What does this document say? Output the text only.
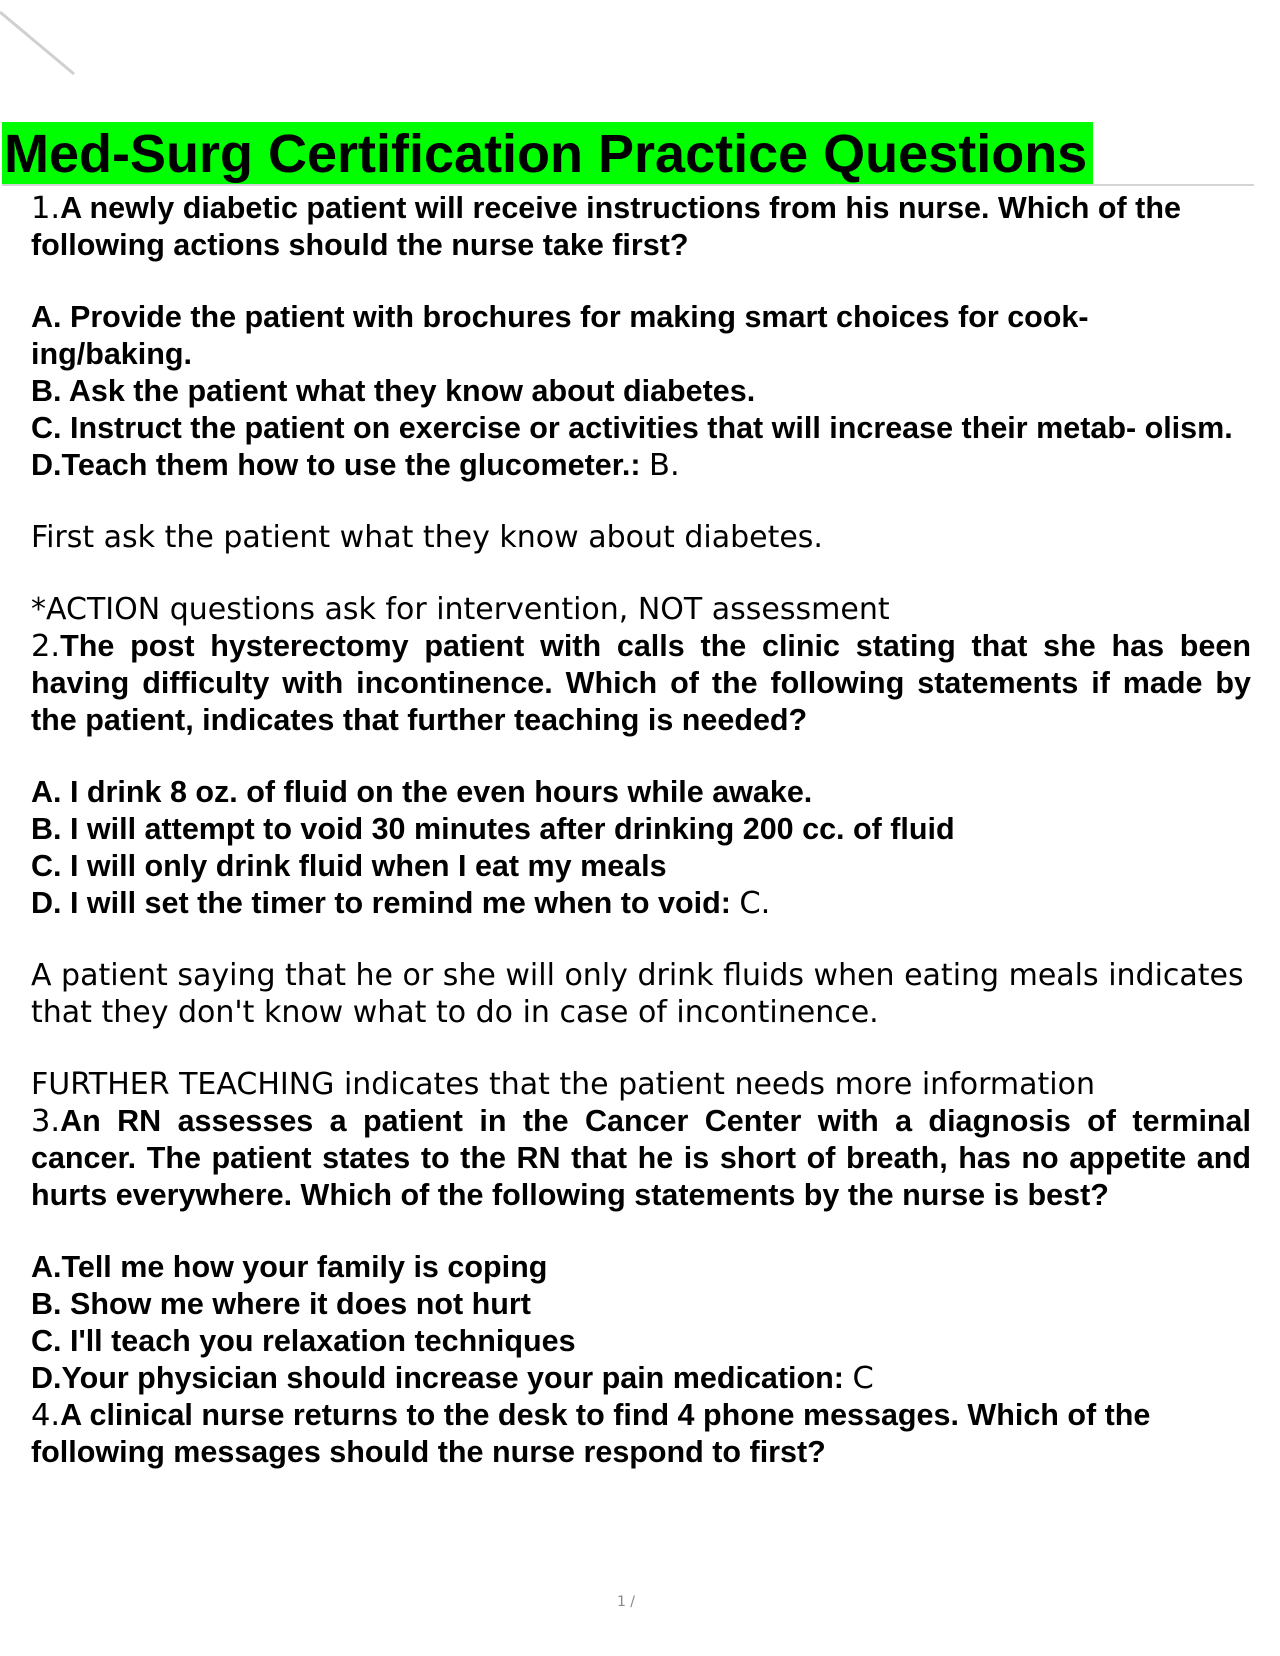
Med-Surg Certification Practice Questions

1.A newly diabetic patient will receive instructions from his nurse. Which of the following actions should the nurse take first?

A. Provide the patient with brochures for making smart choices for cook- ing/baking.

B. Ask the patient what they know about diabetes.

C. Instruct the patient on exercise or activities that will increase their metab- olism.

D.Teach them how to use the glucometer.: B.

First ask the patient what they know about diabetes.

*ACTION questions ask for intervention, NOT assessment

2.The post hysterectomy patient with calls the clinic stating that she has been having difficulty with incontinence. Which of the following statements if made by the patient, indicates that further teaching is needed?

A. I drink 8 oz. of fluid on the even hours while awake.

B. I will attempt to void 30 minutes after drinking 200 cc. of fluid

C. I will only drink fluid when I eat my meals

D. I will set the timer to remind me when to void: C.

A patient saying that he or she will only drink fluids when eating meals indicates that they don't know what to do in case of incontinence.

FURTHER TEACHING indicates that the patient needs more information

3.An RN assesses a patient in the Cancer Center with a diagnosis of terminal cancer. The patient states to the RN that he is short of breath, has no appetite and hurts everywhere. Which of the following statements by the nurse is best?

A.Tell me how your family is coping

B. Show me where it does not hurt

C. I'll teach you relaxation techniques

D.Your physician should increase your pain medication: C

4.A clinical nurse returns to the desk to find 4 phone messages. Which of the following messages should the nurse respond to first?

1 /
